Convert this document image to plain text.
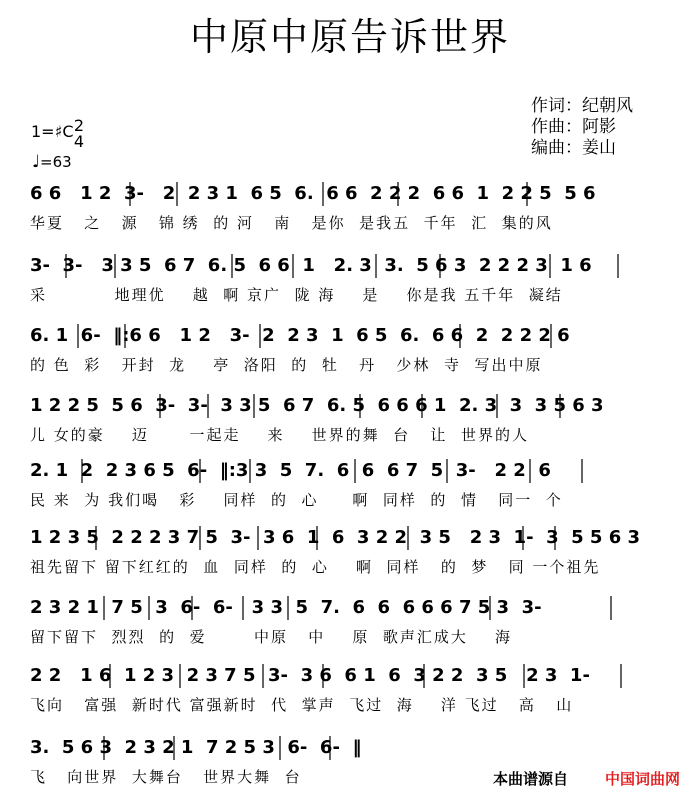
中原中原告诉世界
作词：纪朝风
作曲：阿影
编曲：姜山
1=♯C 2
4
♩=63
6 6   1 2  3-   2  2 3 1  6 5  6.  6 6  2 2 2  6 6  1  2 2 5  5 6
华夏   之   源   锦 绣  的 河   南   是你  是我五  千年  汇  集的风
3-  3-   3 3 5  6 7  6. 5  6 6  1   2. 3  3.  5 6 3  2 2 2 3  1 6
采          地理优    越  啊 京广  陇 海    是    你是我 五千年  凝结
6. 1  6-  ‖:6 6   1 2   3-  2  2 3  1  6 5  6.  6 6  2  2 2 2 6
的 色  彩   开封  龙    亭  洛阳  的  牡   丹   少林  寺  写出中原
1 2 2 5  5 6  3-  3-  3 3 5  6 7  6. 5  6 6 6 1  2. 3  3  3 5 6 3
儿 女的豪    迈      一起走    来    世界的舞  台   让  世界的人
2. 1  2  2 3 6 5  6-  ‖:3 3  5  7.  6  6  6 7  5  3-   2 2  6
民 来  为 我们喝   彩    同样  的  心     啊  同样  的  情   同一  个
1 2 3 5  2 2 2 3 7 5  3-  3 6  1  6  3 2 2  3 5   2 3  1-  3  5 5 6 3
祖先留下 留下红红的  血  同样  的  心    啊  同样   的  梦   同 一个祖先
2 3 2 1  7 5  3  6-  6-   3 3  5  7.  6  6  6 6 6 7 5 3  3-
留下留下  烈烈  的  爱       中原   中    原  歌声汇成大    海
2 2   1 6  1 2 3  2 3 7 5  3-  3 6  6 1  6  3 2 2  3 5   2 3  1-
飞向   富强  新时代 富强新时  代  掌声  飞过  海    洋 飞过   高   山
3.  5 6 3  2 3 2 1  7 2 5 3  6-  6-  ‖
飞   向世界  大舞台   世界大舞  台	本曲谱源自 中国词曲网
